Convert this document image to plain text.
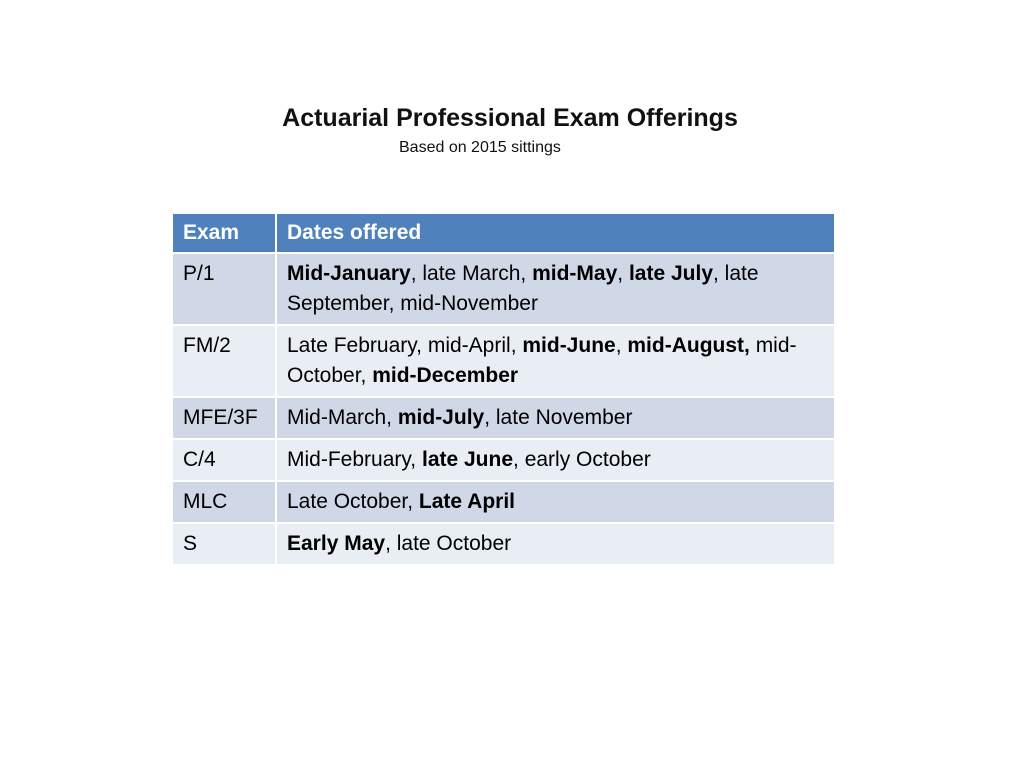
Actuarial Professional Exam Offerings
Based on 2015 sittings
Exam	Dates offered
P/1	Mid-January, late March, mid-May, late July, late September, mid-November
FM/2	Late February, mid-April, mid-June, mid-August, mid-October, mid-December
MFE/3F	Mid-March, mid-July, late November
C/4	Mid-February, late June, early October
MLC	Late October, Late April
S	Early May, late October
